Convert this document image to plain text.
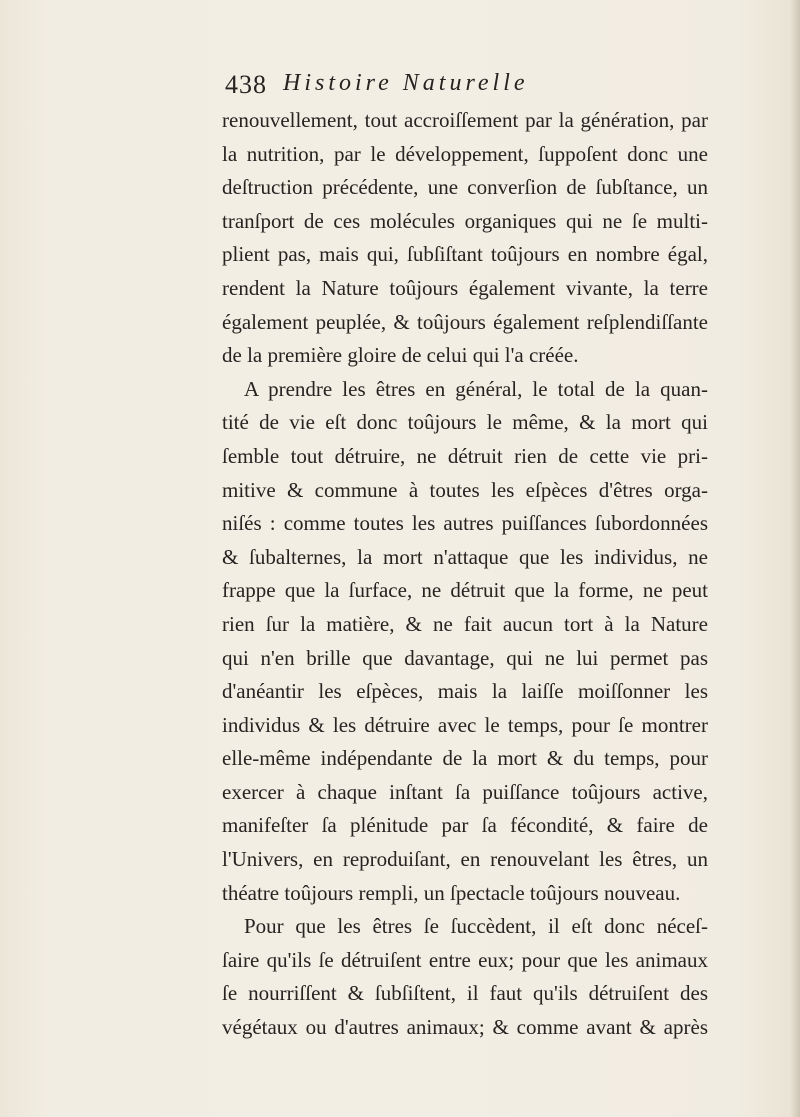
438 Histoire Naturelle
renouvellement, tout accroiſſement par la génération, par
la nutrition, par le développement, ſuppoſent donc une
deſtruction précédente, une converſion de ſubſtance, un
tranſport de ces molécules organiques qui ne ſe multi-
plient pas, mais qui, ſubſiſtant toûjours en nombre égal,
rendent la Nature toûjours également vivante, la terre
également peuplée, & toûjours également reſplendiſſante
de la première gloire de celui qui l'a créée.
A prendre les êtres en général, le total de la quan-
tité de vie eſt donc toûjours le même, & la mort qui
ſemble tout détruire, ne détruit rien de cette vie pri-
mitive & commune à toutes les eſpèces d'êtres orga-
niſés : comme toutes les autres puiſſances ſubordonnées
& ſubalternes, la mort n'attaque que les individus, ne
frappe que la ſurface, ne détruit que la forme, ne peut
rien ſur la matière, & ne fait aucun tort à la Nature
qui n'en brille que davantage, qui ne lui permet pas
d'anéantir les eſpèces, mais la laiſſe moiſſonner les
individus & les détruire avec le temps, pour ſe montrer
elle-même indépendante de la mort & du temps, pour
exercer à chaque inſtant ſa puiſſance toûjours active,
manifeſter ſa plénitude par ſa fécondité, & faire de
l'Univers, en reproduiſant, en renouvelant les êtres, un
théatre toûjours rempli, un ſpectacle toûjours nouveau.
Pour que les êtres ſe ſuccèdent, il eſt donc néceſ-
ſaire qu'ils ſe détruiſent entre eux; pour que les animaux
ſe nourriſſent & ſubſiſtent, il faut qu'ils détruiſent des
végétaux ou d'autres animaux; & comme avant & après
